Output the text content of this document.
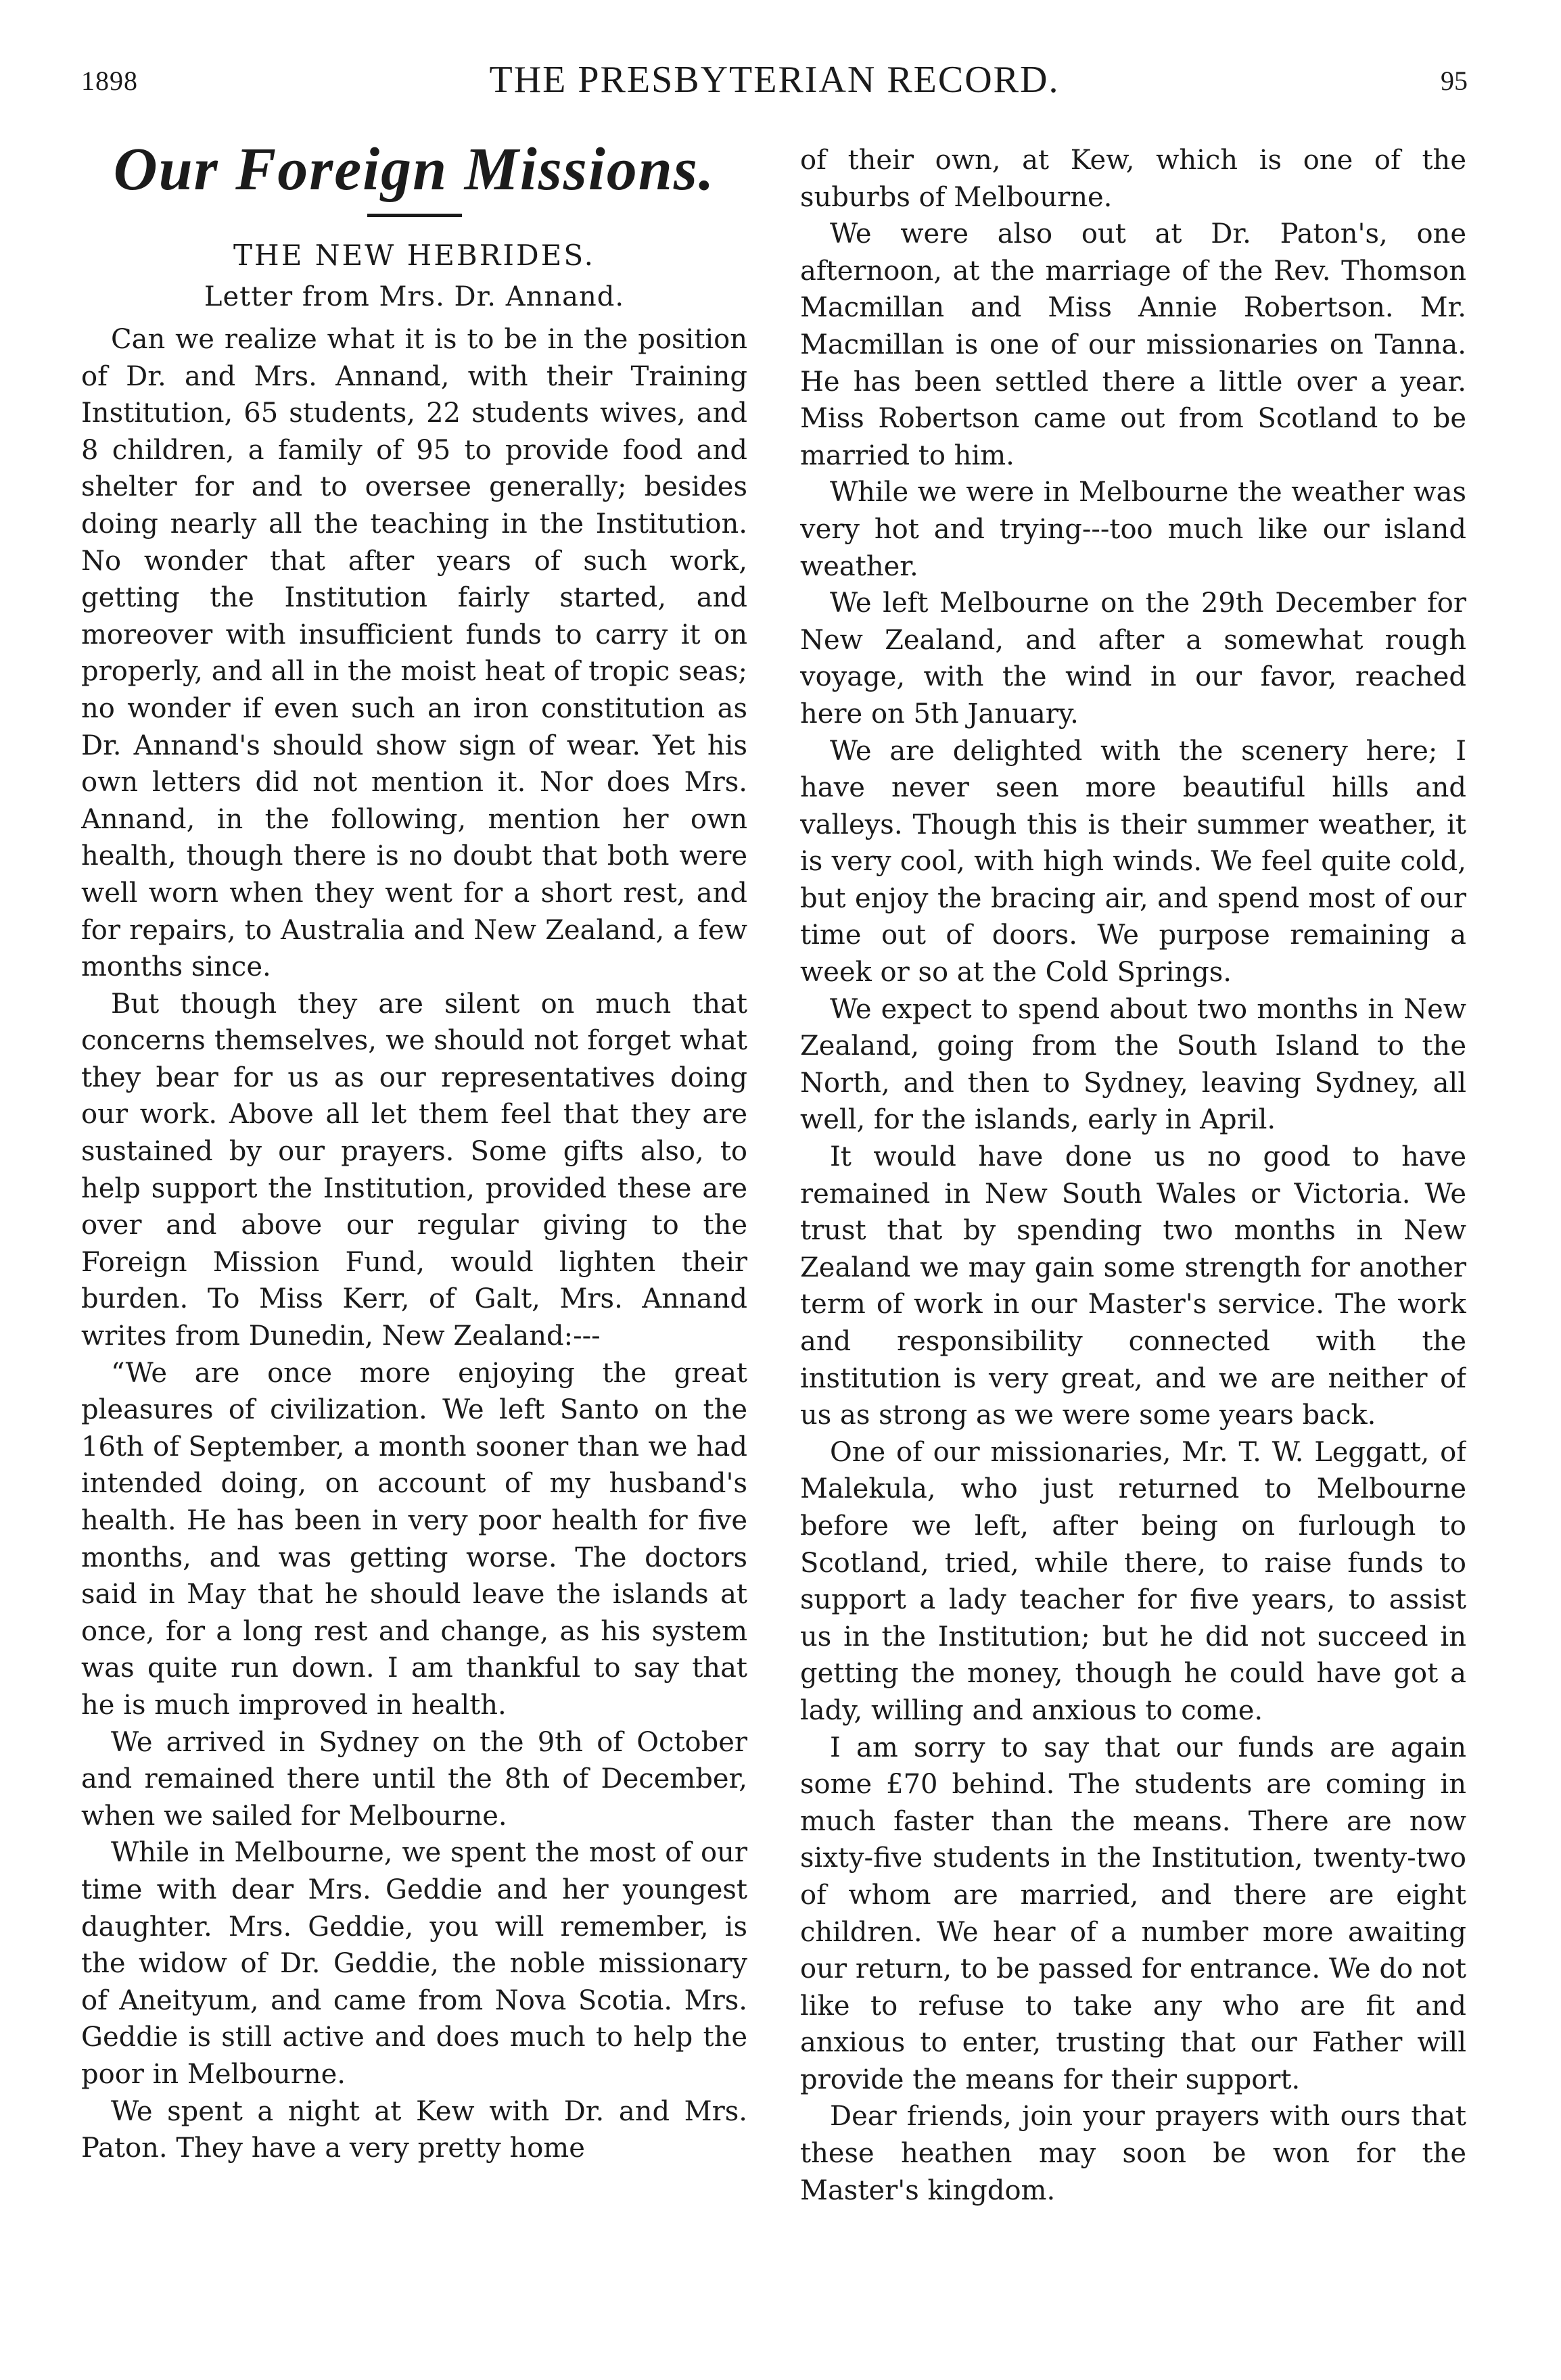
1898	THE PRESBYTERIAN RECORD.	95
Our Foreign Missions.
THE NEW HEBRIDES.
Letter from Mrs. Dr. Annand.

Can we realize what it is to be in the position of Dr. and Mrs. Annand, with their Training Institution, 65 students, 22 students wives, and 8 children, a family of 95 to provide food and shelter for and to oversee generally; besides doing nearly all the teaching in the Institution. No wonder that after years of such work, getting the Institution fairly started, and moreover with insufficient funds to carry it on properly, and all in the moist heat of tropic seas; no wonder if even such an iron constitution as Dr. Annand's should show sign of wear. Yet his own letters did not mention it. Nor does Mrs. Annand, in the following, mention her own health, though there is no doubt that both were well worn when they went for a short rest, and for repairs, to Australia and New Zealand, a few months since.

But though they are silent on much that concerns themselves, we should not forget what they bear for us as our representatives doing our work. Above all let them feel that they are sustained by our prayers. Some gifts also, to help support the Institution, provided these are over and above our regular giving to the Foreign Mission Fund, would lighten their burden. To Miss Kerr, of Galt, Mrs. Annand writes from Dunedin, New Zealand:---

“We are once more enjoying the great pleasures of civilization. We left Santo on the 16th of September, a month sooner than we had intended doing, on account of my husband's health. He has been in very poor health for five months, and was getting worse. The doctors said in May that he should leave the islands at once, for a long rest and change, as his system was quite run down. I am thankful to say that he is much improved in health.

We arrived in Sydney on the 9th of October and remained there until the 8th of December, when we sailed for Melbourne.

While in Melbourne, we spent the most of our time with dear Mrs. Geddie and her youngest daughter. Mrs. Geddie, you will remember, is the widow of Dr. Geddie, the noble missionary of Aneityum, and came from Nova Scotia. Mrs. Geddie is still active and does much to help the poor in Melbourne.

We spent a night at Kew with Dr. and Mrs. Paton. They have a very pretty home

of their own, at Kew, which is one of the suburbs of Melbourne.

We were also out at Dr. Paton's, one afternoon, at the marriage of the Rev. Thomson Macmillan and Miss Annie Robertson. Mr. Macmillan is one of our missionaries on Tanna. He has been settled there a little over a year. Miss Robertson came out from Scotland to be married to him.

While we were in Melbourne the weather was very hot and trying---too much like our island weather.

We left Melbourne on the 29th December for New Zealand, and after a somewhat rough voyage, with the wind in our favor, reached here on 5th January.

We are delighted with the scenery here; I have never seen more beautiful hills and valleys. Though this is their summer weather, it is very cool, with high winds. We feel quite cold, but enjoy the bracing air, and spend most of our time out of doors. We purpose remaining a week or so at the Cold Springs.

We expect to spend about two months in New Zealand, going from the South Island to the North, and then to Sydney, leaving Sydney, all well, for the islands, early in April.

It would have done us no good to have remained in New South Wales or Victoria. We trust that by spending two months in New Zealand we may gain some strength for another term of work in our Master's service. The work and responsibility connected with the institution is very great, and we are neither of us as strong as we were some years back.

One of our missionaries, Mr. T. W. Leggatt, of Malekula, who just returned to Melbourne before we left, after being on furlough to Scotland, tried, while there, to raise funds to support a lady teacher for five years, to assist us in the Institution; but he did not succeed in getting the money, though he could have got a lady, willing and anxious to come.

I am sorry to say that our funds are again some £70 behind. The students are coming in much faster than the means. There are now sixty-five students in the Institution, twenty-two of whom are married, and there are eight children. We hear of a number more awaiting our return, to be passed for entrance. We do not like to refuse to take any who are fit and anxious to enter, trusting that our Father will provide the means for their support.

Dear friends, join your prayers with ours that these heathen may soon be won for the Master's kingdom.
